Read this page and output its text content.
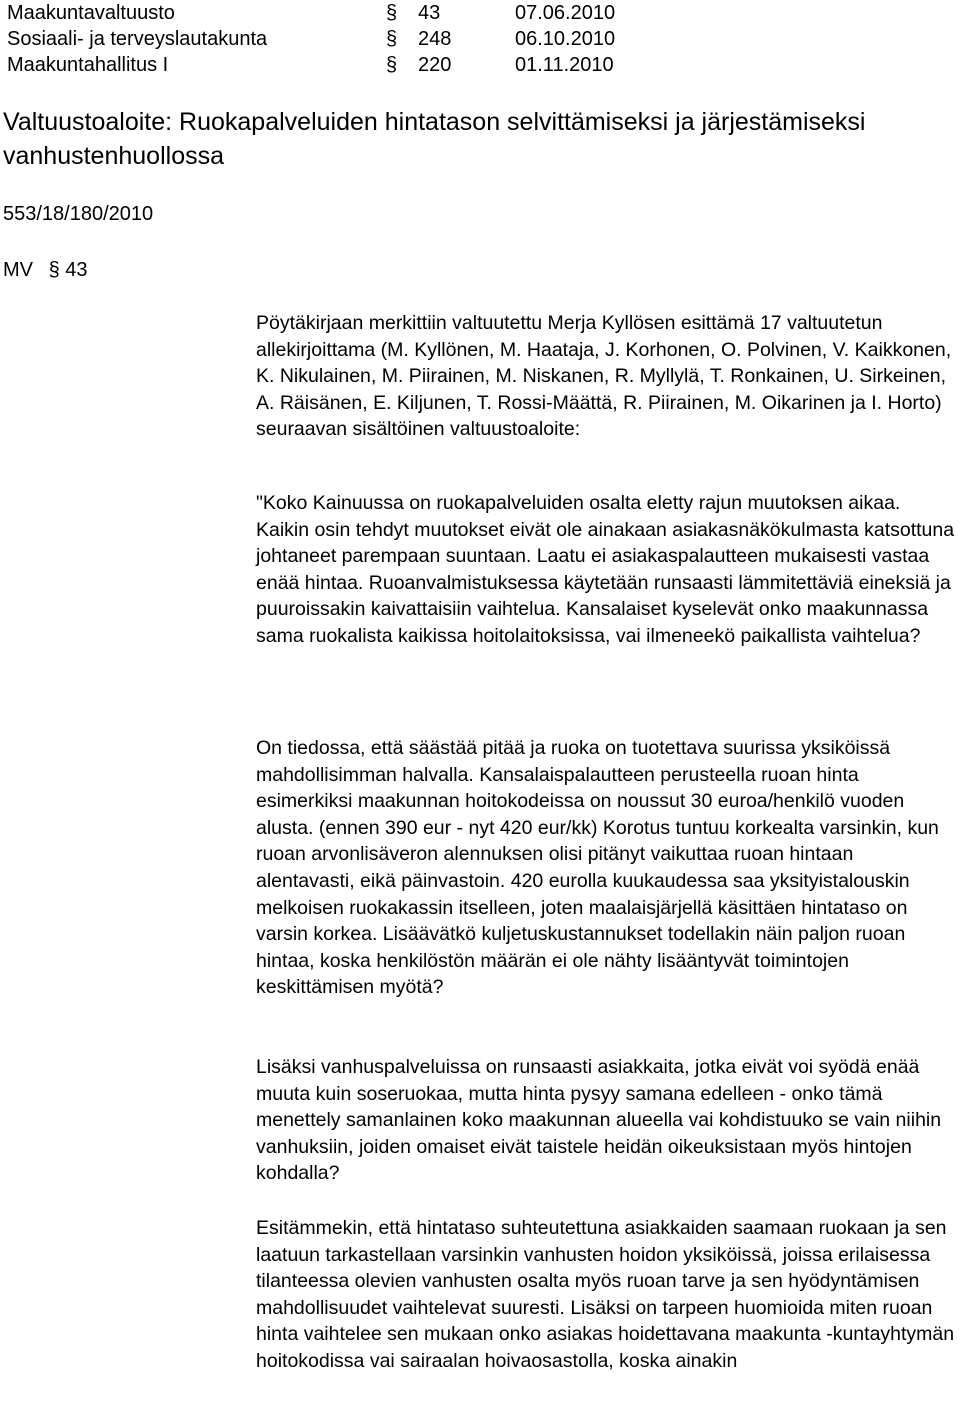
Maakuntavaltuusto	§ 43	07.06.2010
Sosiaali- ja terveyslautakunta	§ 248	06.10.2010
Maakuntahallitus I	§ 220	01.11.2010
Valtuustoaloite: Ruokapalveluiden hintatason selvittämiseksi ja järjestämiseksi vanhustenhuollossa
553/18/180/2010
MV § 43

Pöytäkirjaan merkittiin valtuutettu Merja Kyllösen esittämä 17 valtuutetun allekirjoittama (M. Kyllönen, M. Haataja, J. Korhonen, O. Polvinen, V. Kaikkonen, K. Nikulainen, M. Piirainen, M. Niskanen, R. Myllylä, T. Ronkainen, U. Sirkeinen, A. Räisänen, E. Kiljunen, T. Rossi-Määttä, R. Piirainen, M. Oikarinen ja I. Horto) seuraavan sisältöinen valtuustoaloite:

"Koko Kainuussa on ruokapalveluiden osalta eletty rajun muutoksen aikaa. Kaikin osin tehdyt muutokset eivät ole ainakaan asiakasnäkökulmasta katsottuna johtaneet parempaan suuntaan. Laatu ei asiakaspalautteen mukaisesti vastaa enää hintaa. Ruoanvalmistuksessa käytetään runsaasti lämmitettäviä eineksiä ja puuroissakin kaivattaisiin vaihtelua. Kansalaiset kyselevät onko maakunnassa sama ruokalista kaikissa hoitolaitoksissa, vai ilmeneekö paikallista vaihtelua?

On tiedossa, että säästää pitää ja ruoka on tuotettava suurissa yksiköissä mahdollisimman halvalla. Kansalaispalautteen perusteella ruoan hinta esimerkiksi maakunnan hoitokodeissa on noussut 30 euroa/henkilö vuoden alusta. (ennen 390 eur - nyt 420 eur/kk) Korotus tuntuu korkealta varsinkin, kun ruoan arvonlisäveron alennuksen olisi pitänyt vaikuttaa ruoan hintaan alentavasti, eikä päinvastoin. 420 eurolla kuukaudessa saa yksityistalouskin melkoisen ruokakassin itselleen, joten maalaisjärjellä käsittäen hintataso on varsin korkea. Lisäävätkö kuljetuskustannukset todellakin näin paljon ruoan hintaa, koska henkilöstön määrän ei ole nähty lisääntyvät toimintojen keskittämisen myötä?

Lisäksi vanhuspalveluissa on runsaasti asiakkaita, jotka eivät voi syödä enää muuta kuin soseruokaa, mutta hinta pysyy samana edelleen - onko tämä menettely samanlainen koko maakunnan alueella vai kohdistuuko se vain niihin vanhuksiin, joiden omaiset eivät taistele heidän oikeuksistaan myös hintojen kohdalla?

Esitämmekin, että hintataso suhteutettuna asiakkaiden saamaan ruokaan ja sen laatuun tarkastellaan varsinkin vanhusten hoidon yksiköissä, joissa erilaisessa tilanteessa olevien vanhusten osalta myös ruoan tarve ja sen hyödyntämisen mahdollisuudet vaihtelevat suuresti. Lisäksi on tarpeen huomioida miten ruoan hinta vaihtelee sen mukaan onko asiakas hoidettavana maakunta -kuntayhtymän hoitokodissa vai sairaalan hoivaosastolla, koska ainakin
